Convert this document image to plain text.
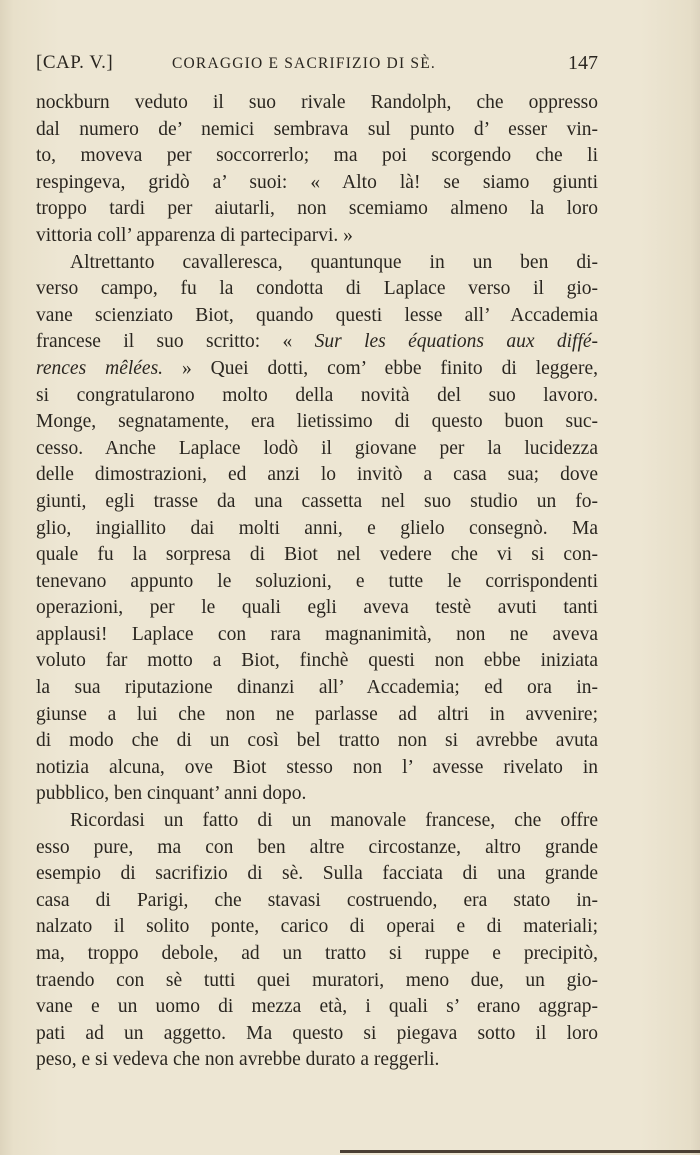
[CAP. V.]	CORAGGIO E SACRIFIZIO DI SÈ.	147
nockburn veduto il suo rivale Randolph, che oppresso
dal numero de’ nemici sembrava sul punto d’ esser vin-
to, moveva per soccorrerlo; ma poi scorgendo che li
respingeva, gridò a’ suoi: « Alto là! se siamo giunti
troppo tardi per aiutarli, non scemiamo almeno la loro
vittoria coll’ apparenza di parteciparvi. »
Altrettanto cavalleresca, quantunque in un ben di-
verso campo, fu la condotta di Laplace verso il gio-
vane scienziato Biot, quando questi lesse all’ Accademia
francese il suo scritto: « Sur les équations aux diffé-
rences mêlées. » Quei dotti, com’ ebbe finito di leggere,
si congratularono molto della novità del suo lavoro.
Monge, segnatamente, era lietissimo di questo buon suc-
cesso. Anche Laplace lodò il giovane per la lucidezza
delle dimostrazioni, ed anzi lo invitò a casa sua; dove
giunti, egli trasse da una cassetta nel suo studio un fo-
glio, ingiallito dai molti anni, e glielo consegnò. Ma
quale fu la sorpresa di Biot nel vedere che vi si con-
tenevano appunto le soluzioni, e tutte le corrispondenti
operazioni, per le quali egli aveva testè avuti tanti
applausi! Laplace con rara magnanimità, non ne aveva
voluto far motto a Biot, finchè questi non ebbe iniziata
la sua riputazione dinanzi all’ Accademia; ed ora in-
giunse a lui che non ne parlasse ad altri in avvenire;
di modo che di un così bel tratto non si avrebbe avuta
notizia alcuna, ove Biot stesso non l’ avesse rivelato in
pubblico, ben cinquant’ anni dopo.
Ricordasi un fatto di un manovale francese, che offre
esso pure, ma con ben altre circostanze, altro grande
esempio di sacrifizio di sè. Sulla facciata di una grande
casa di Parigi, che stavasi costruendo, era stato in-
nalzato il solito ponte, carico di operai e di materiali;
ma, troppo debole, ad un tratto si ruppe e precipitò,
traendo con sè tutti quei muratori, meno due, un gio-
vane e un uomo di mezza età, i quali s’ erano aggrap-
pati ad un aggetto. Ma questo si piegava sotto il loro
peso, e si vedeva che non avrebbe durato a reggerli.
